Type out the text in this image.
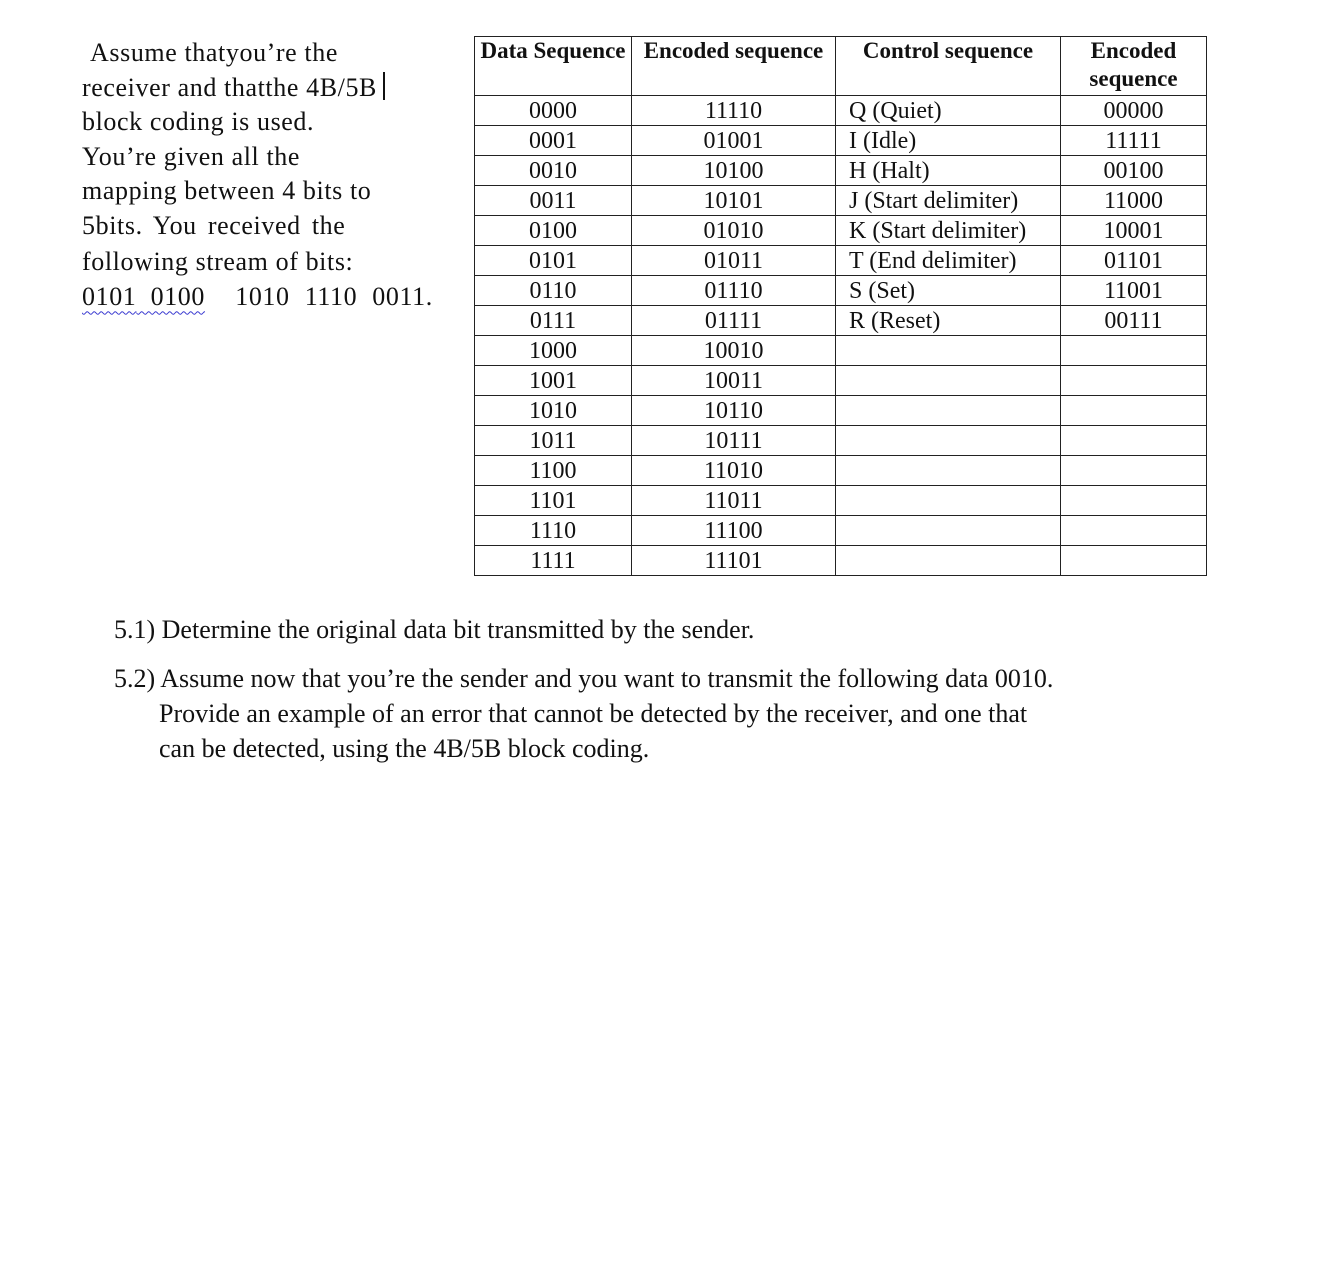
Assume thatyou’re the
receiver and thatthe 4B/5B
block coding is used.
You’re given all the
mapping between 4 bits to
5bits. You received the
following stream of bits:
0101 0100 1010 1110 0011.
Data Sequence	Encoded sequence	Control sequence	Encoded sequence
0000	11110	Q (Quiet)	00000
0001	01001	I (Idle)	11111
0010	10100	H (Halt)	00100
0011	10101	J (Start delimiter)	11000
0100	01010	K (Start delimiter)	10001
0101	01011	T (End delimiter)	01101
0110	01110	S (Set)	11001
0111	01111	R (Reset)	00111
1000	10010		
1001	10011		
1010	10110		
1011	10111		
1100	11010		
1101	11011		
1110	11100		
1111	11101		
5.1) Determine the original data bit transmitted by the sender.
5.2) Assume now that you’re the sender and you want to transmit the following data 0010.
Provide an example of an error that cannot be detected by the receiver, and one that
can be detected, using the 4B/5B block coding.
